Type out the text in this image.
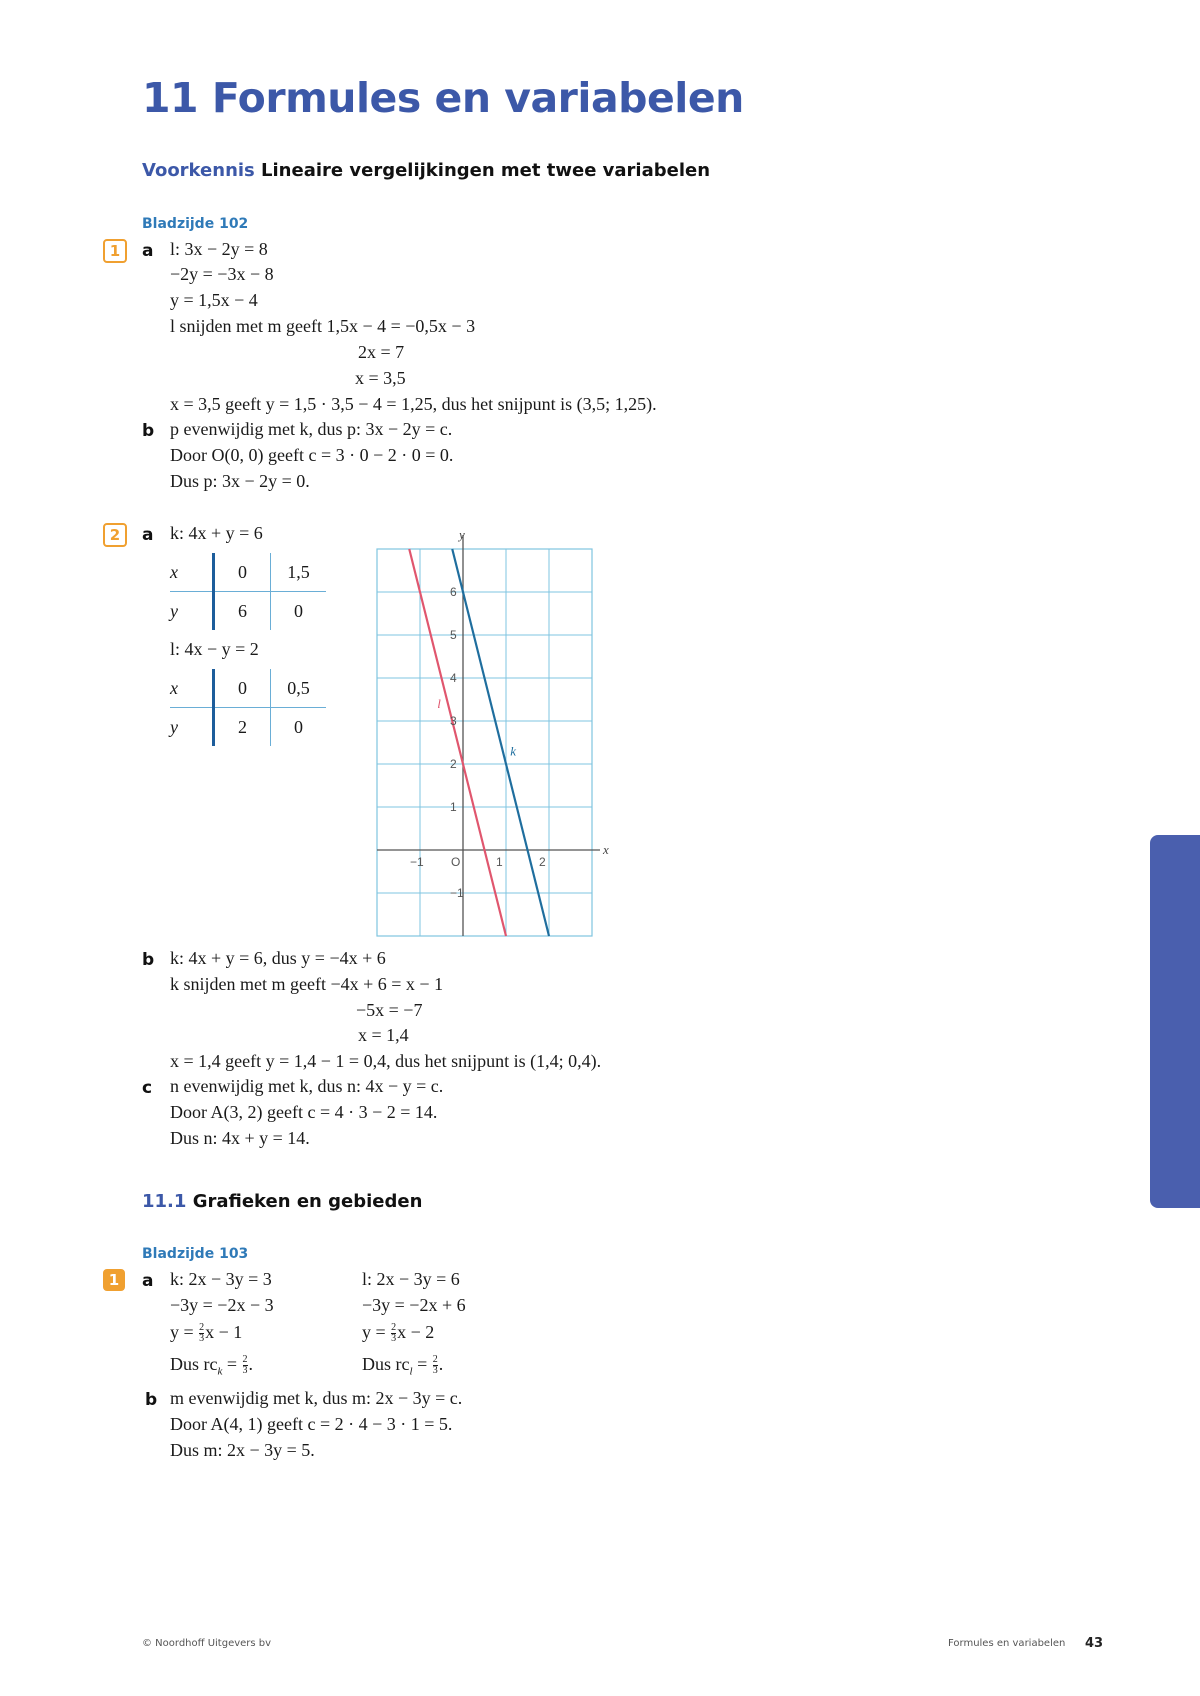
11 Formules en variabelen
Voorkennis Lineaire vergelijkingen met twee variabelen
Bladzijde 102
1	a l: 3x − 2y = 8
−2y = −3x − 8
y = 1,5x − 4
l snijden met m geeft 1,5x − 4 = −0,5x − 3
2x = 7
x = 3,5
x = 3,5 geeft y = 1,5 · 3,5 − 4 = 1,25, dus het snijpunt is (3,5; 1,25).
b p evenwijdig met k, dus p: 3x − 2y = c.
Door O(0, 0) geeft c = 3 · 0 − 2 · 0 = 0.
Dus p: 3x − 2y = 0.
2	a k: 4x + y = 6
x	0	1,5
y	6	0
l: 4x − y = 2
x	0	0,5
y	2	0
x
y
−1 O	1	2
6
5
4
3
2
1
−1
k
l
b k: 4x + y = 6, dus y = −4x + 6
k snijden met m geeft −4x + 6 = x − 1
−5x = −7
x = 1,4
x = 1,4 geeft y = 1,4 − 1 = 0,4, dus het snijpunt is (1,4; 0,4).
c n evenwijdig met k, dus n: 4x − y = c.
Door A(3, 2) geeft c = 4 · 3 − 2 = 14.
Dus n: 4x + y = 14.
11.1 Grafieken en gebieden
Bladzijde 103
1	a k: 2x − 3y = 3
−3y = −2x − 3
$y = \frac{2}{3}$ x − 1
Dus $rc_k = \frac{2}{3}$ .
l: 2x − 3y = 6
−3y = −2x + 6
$y = \frac{2}{3}$ x − 2
Dus $rc_l = \frac{2}{3}$ .
b m evenwijdig met k, dus m: 2x − 3y = c.
Door A(4, 1) geeft c = 2 · 4 − 3 · 1 = 5.
Dus m: 2x − 3y = 5.
© Noordhoff Uitgevers bv	Formules en variabelen 43
